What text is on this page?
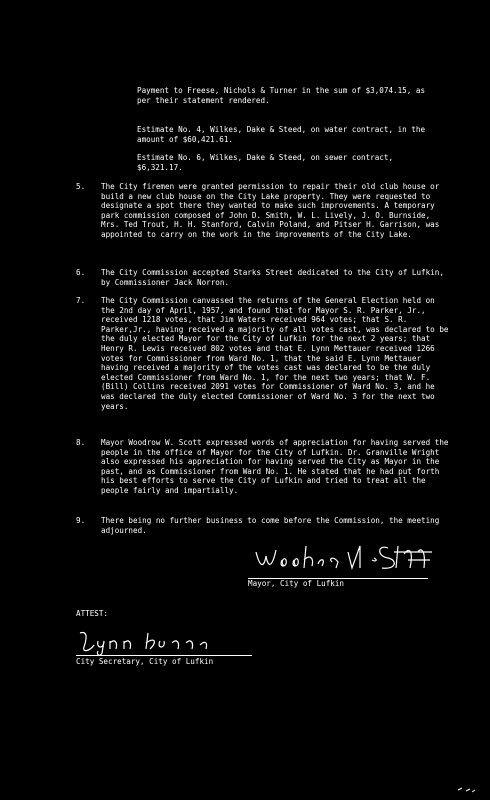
Payment to Freese, Nichols & Turner in the sum of $3,074.15, as per their statement rendered.
Estimate No. 4, Wilkes, Dake & Steed, on water contract, in the amount of $60,421.61.
Estimate No. 6, Wilkes, Dake & Steed, on sewer contract, $6,321.17.
5.	The City firemen were granted permission to repair their old club house or build a new club house on the City Lake property. They were requested to designate a spot there they wanted to make such improvements. A temporary park commission composed of John D. Smith, W. L. Lively, J. O. Burnside, Mrs. Ted Trout, H. H. Stanford, Calvin Poland, and Pitser H. Garrison, was appointed to carry on the work in the improvements of the City Lake.
6.	The City Commission accepted Starks Street dedicated to the City of Lufkin, by Commissioner Jack Norron.
7.	The City Commission canvassed the returns of the General Election held on the 2nd day of April, 1957, and found that for Mayor S. R. Parker, Jr., received 1218 votes, that Jim Waters received 964 votes; that S. R. Parker,Jr., having received a majority of all votes cast, was declared to be the duly elected Mayor for the City of Lufkin for the next 2 years; that Henry R. Lewis received 802 votes and that E. Lynn Mettauer received 1266 votes for Commissioner from Ward No. 1, that the said E. Lynn Mettauer having received a majority of the votes cast was declared to be the duly elected Commissioner from Ward No. 1, for the next two years; that W. F. (Bill) Collins received 2091 votes for Commissioner of Ward No. 3, and he was declared the duly elected Commissioner of Ward No. 3 for the next two years.
8.	Mayor Woodrow W. Scott expressed words of appreciation for having served the people in the office of Mayor for the City of Lufkin. Dr. Granville Wright also expressed his appreciation for having served the City as Mayor in the past, and as Commissioner from Ward No. 1. He stated that he had put forth his best efforts to serve the City of Lufkin and tried to treat all the people fairly and impartially.
9.	There being no further business to come before the Commission, the meeting adjourned.
Mayor, City of Lufkin
ATTEST:
City Secretary, City of Lufkin
